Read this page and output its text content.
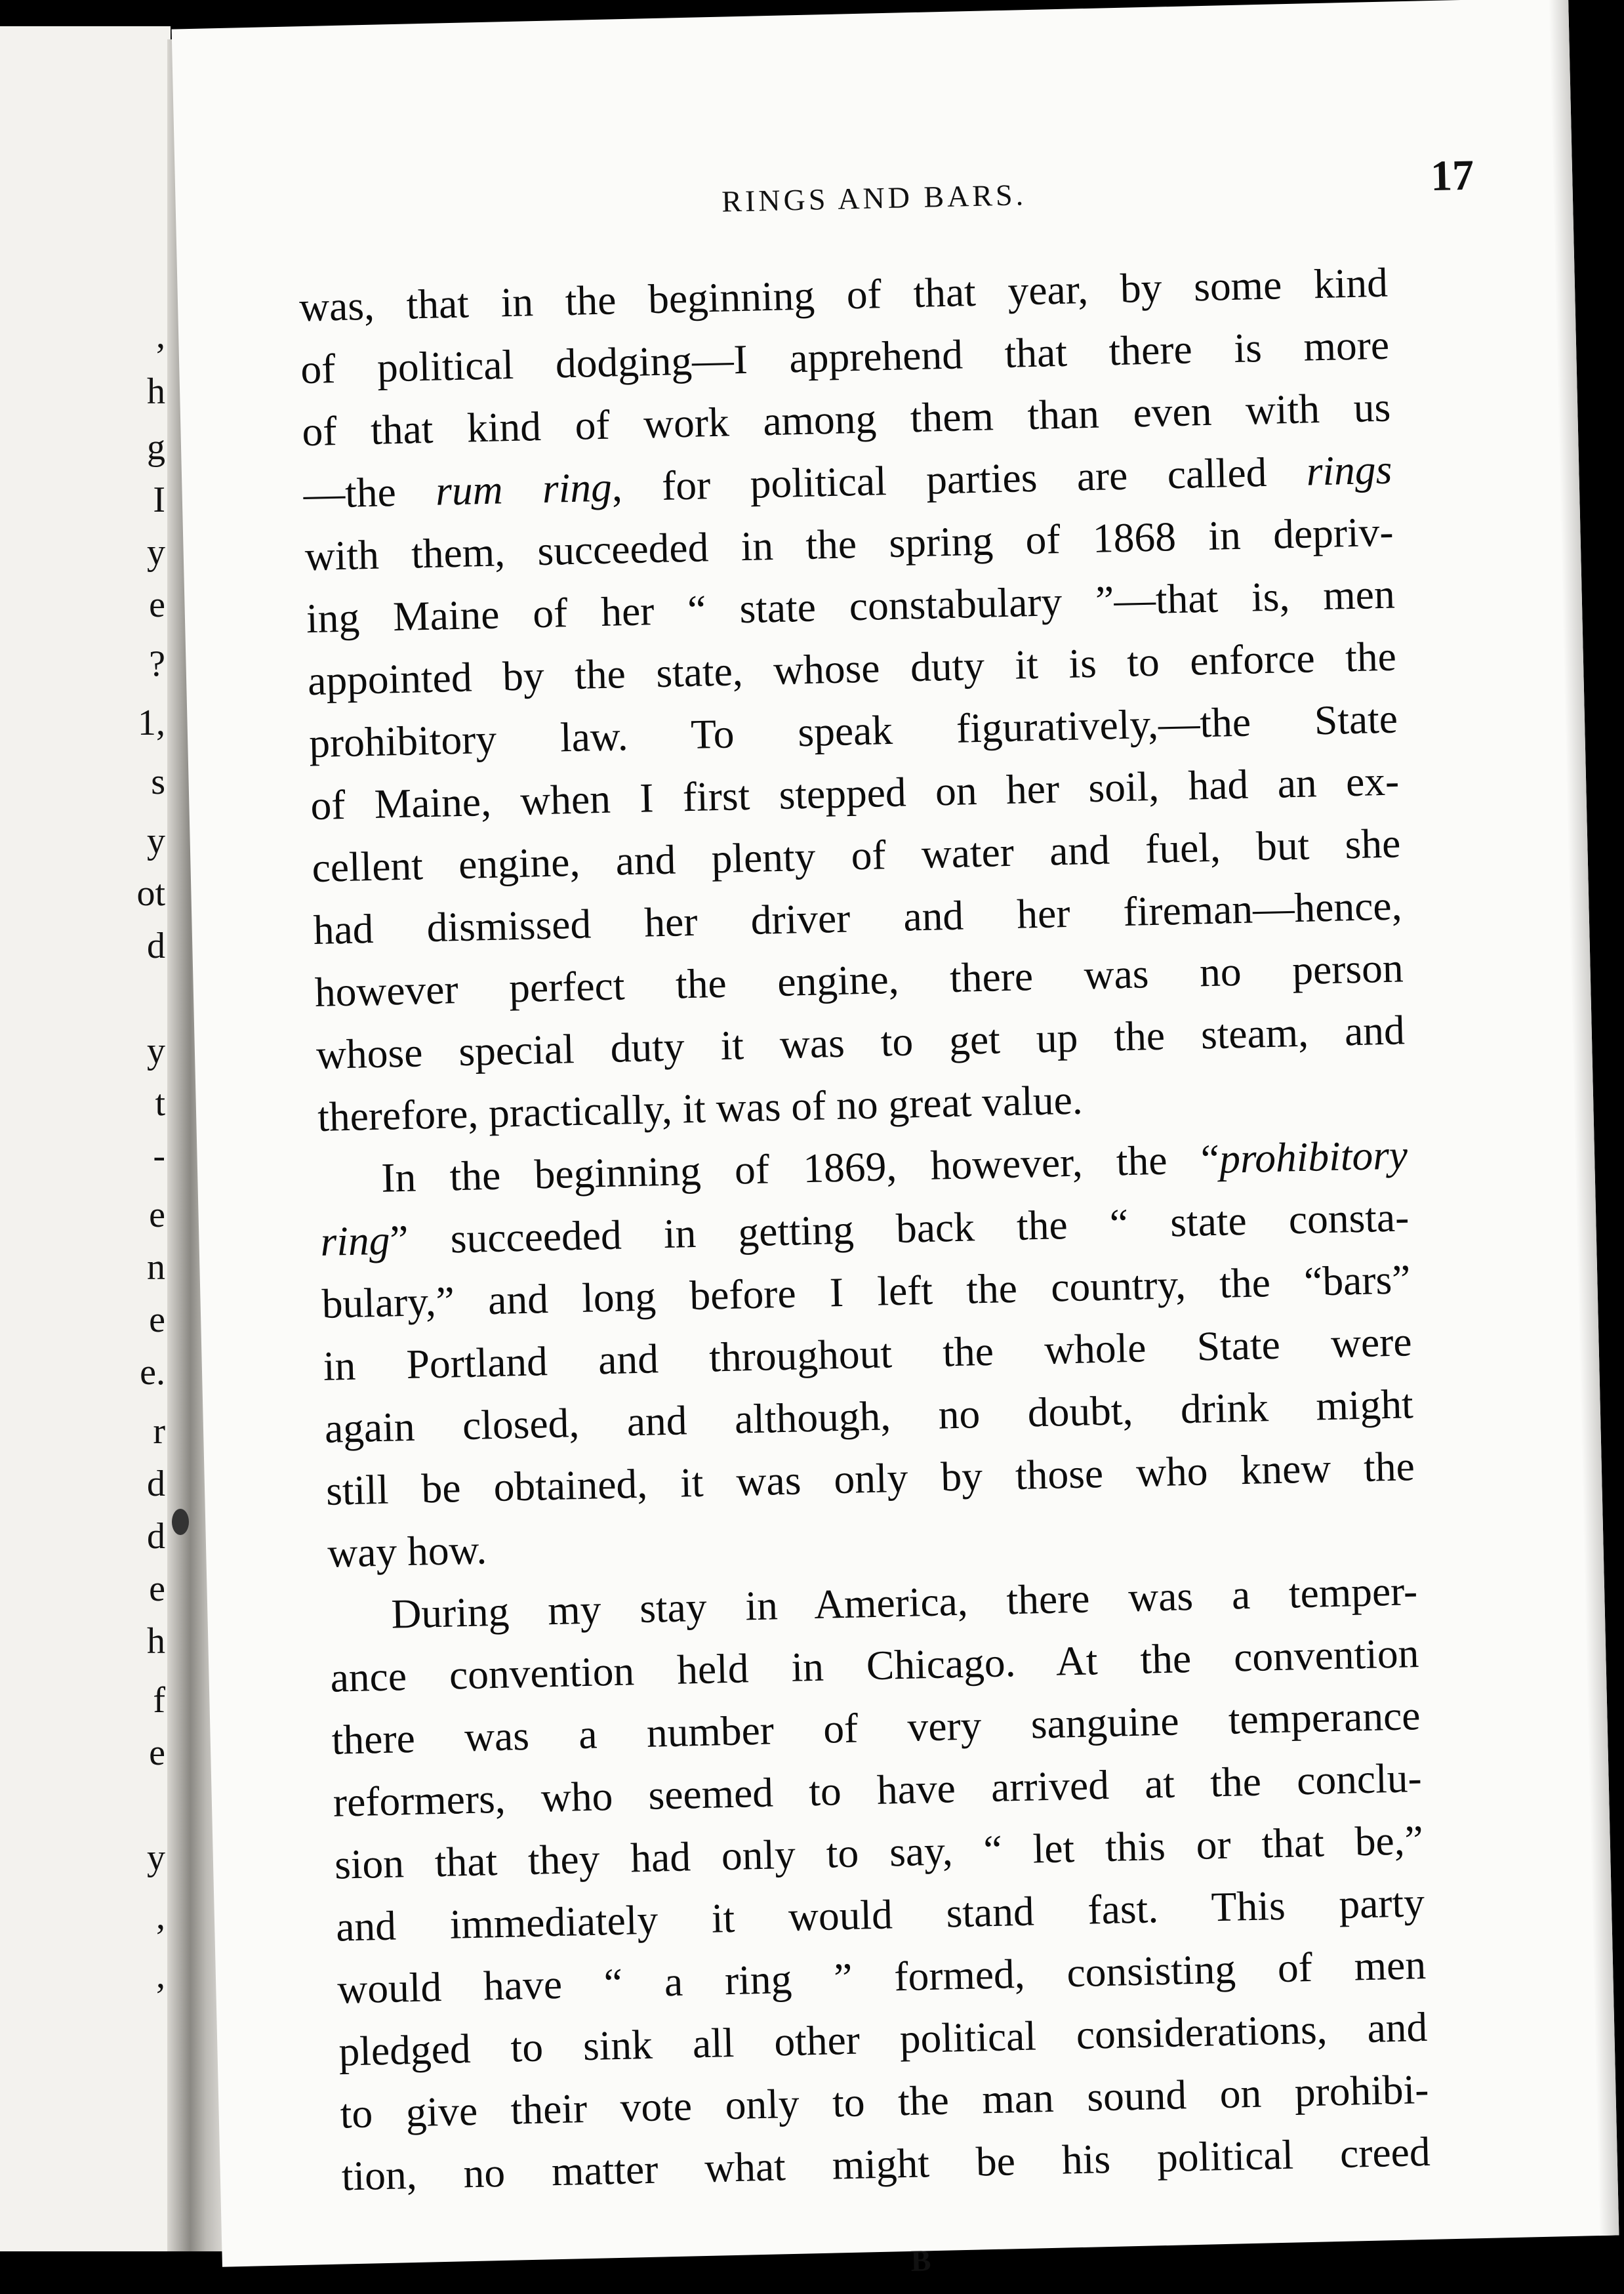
,
h
g
I
y
e
?
1,
s
y
ot
d
y
t
-
e
n
e
e.
r
d
d
e
h
f
e
y
,
,
RINGS AND BARS.	17
was, that in the beginning of that year, by some kind
of political dodging—I apprehend that there is more
of that kind of work among them than even with us
—the rum ring, for political parties are called rings
with them, succeeded in the spring of 1868 in depriv-
ing Maine of her “ state constabulary ”—that is, men
appointed by the state, whose duty it is to enforce the
prohibitory law. To speak figuratively,—the State
of Maine, when I first stepped on her soil, had an ex-
cellent engine, and plenty of water and fuel, but she
had dismissed her driver and her fireman—hence,
however perfect the engine, there was no person
whose special duty it was to get up the steam, and
therefore, practically, it was of no great value.
In the beginning of 1869, however, the “prohibitory
ring” succeeded in getting back the “ state consta-
bulary,” and long before I left the country, the “bars”
in Portland and throughout the whole State were
again closed, and although, no doubt, drink might
still be obtained, it was only by those who knew the
way how.
During my stay in America, there was a temper-
ance convention held in Chicago. At the convention
there was a number of very sanguine temperance
reformers, who seemed to have arrived at the conclu-
sion that they had only to say, “ let this or that be,”
and immediately it would stand fast. This party
would have “ a ring ” formed, consisting of men
pledged to sink all other political considerations, and
to give their vote only to the man sound on prohibi-
tion, no matter what might be his political creed
B
